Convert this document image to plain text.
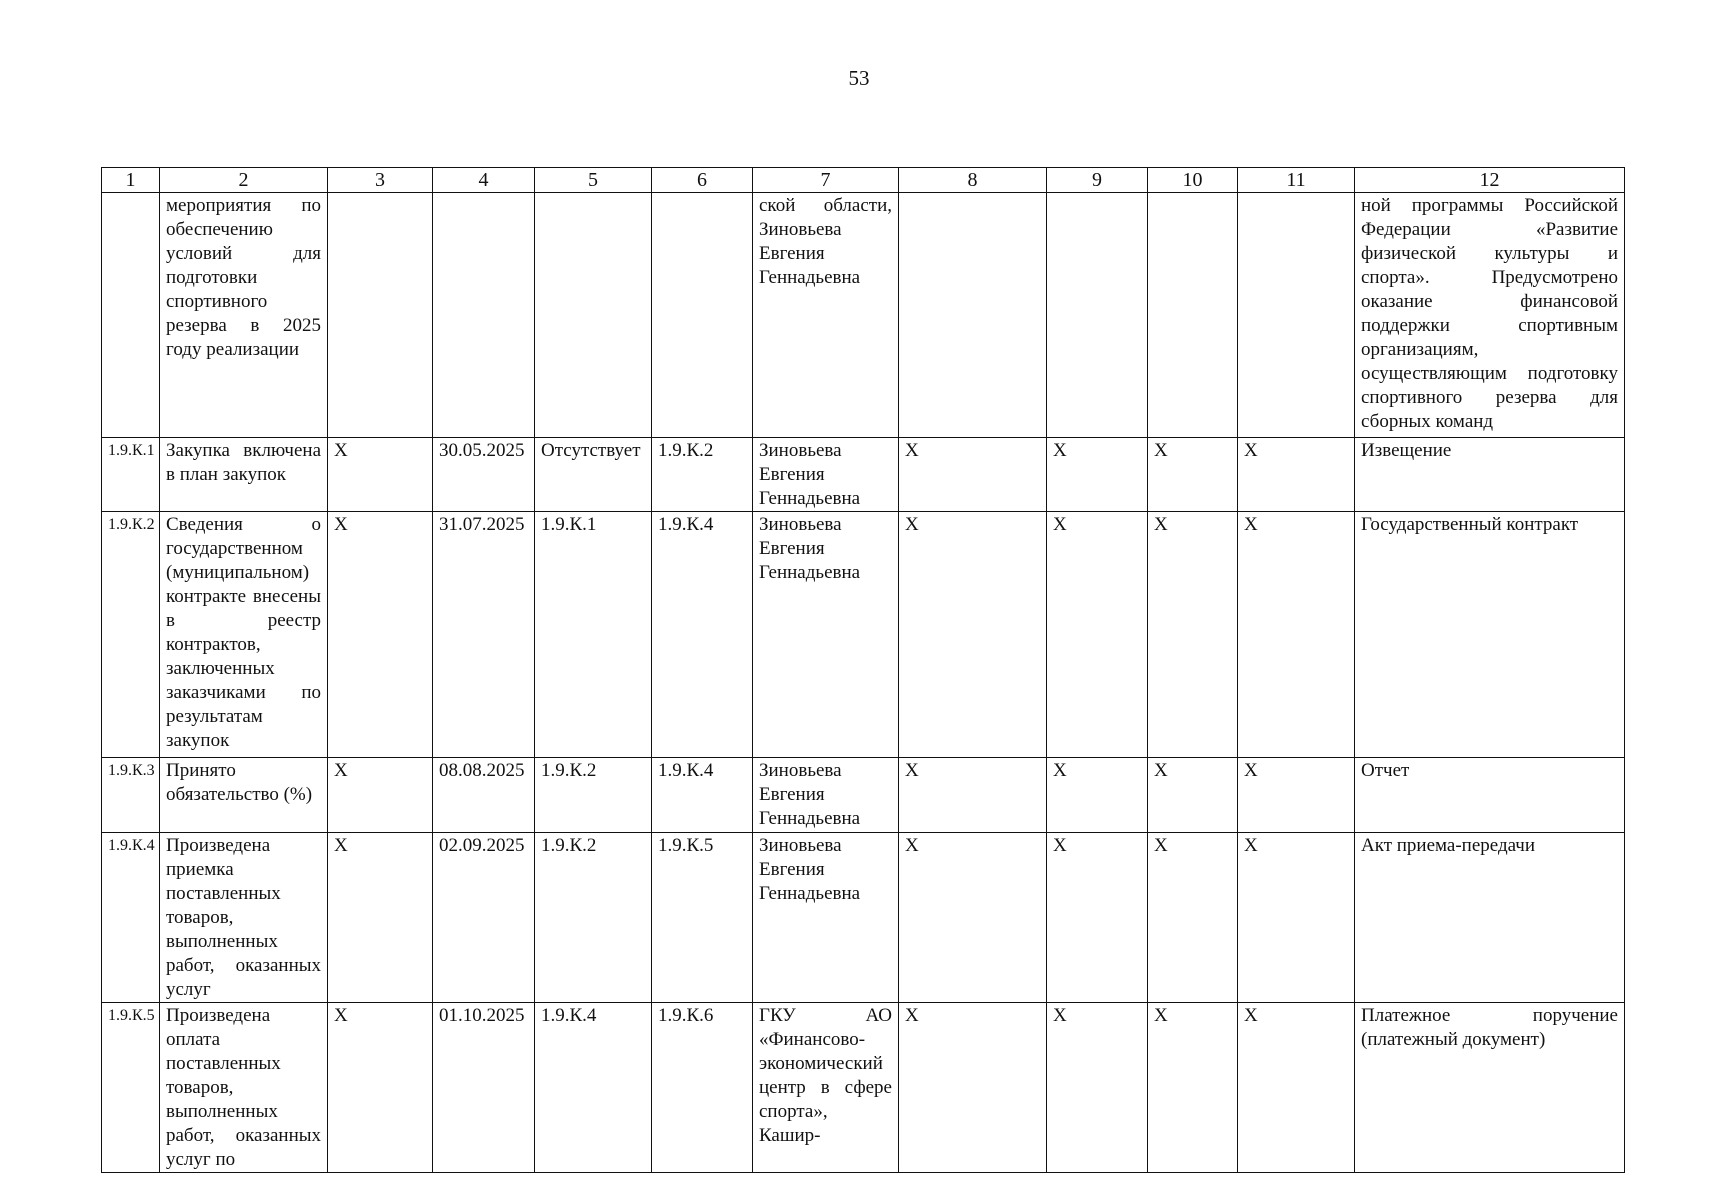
53
1	2	3	4	5	6	7	8	9	10	11	12
	мероприятия по обеспечению условий для подготовки спортивного резерва в 2025 году реализации					ской области, Зиновьева Евгения Геннадьевна					ной программы Российской Федерации «Развитие физической культуры и спорта». Предусмотрено оказание финансовой поддержки спортивным организациям, осуществляющим подготовку спортивного резерва для сборных команд
1.9.К.1	Закупка включена в план закупок	X	30.05.2025	Отсутствует	1.9.К.2	Зиновьева Евгения Геннадьевна	X	X	X	X	Извещение
1.9.К.2	Сведения о государственном (муниципальном) контракте внесены в реестр контрактов, заключенных заказчиками по результатам закупок	X	31.07.2025	1.9.К.1	1.9.К.4	Зиновьева Евгения Геннадьевна	X	X	X	X	Государственный контракт
1.9.К.3	Принято обязательство (%)	X	08.08.2025	1.9.К.2	1.9.К.4	Зиновьева Евгения Геннадьевна	X	X	X	X	Отчет
1.9.К.4	Произведена приемка поставленных товаров, выполненных работ, оказанных услуг	X	02.09.2025	1.9.К.2	1.9.К.5	Зиновьева Евгения Геннадьевна	X	X	X	X	Акт приема-передачи
1.9.К.5	Произведена оплата поставленных товаров, выполненных работ, оказанных услуг по	X	01.10.2025	1.9.К.4	1.9.К.6	ГКУ АО «Финансово-экономический центр в сфере спорта», Кашир-	X	X	X	X	Платежное поручение (платежный документ)
